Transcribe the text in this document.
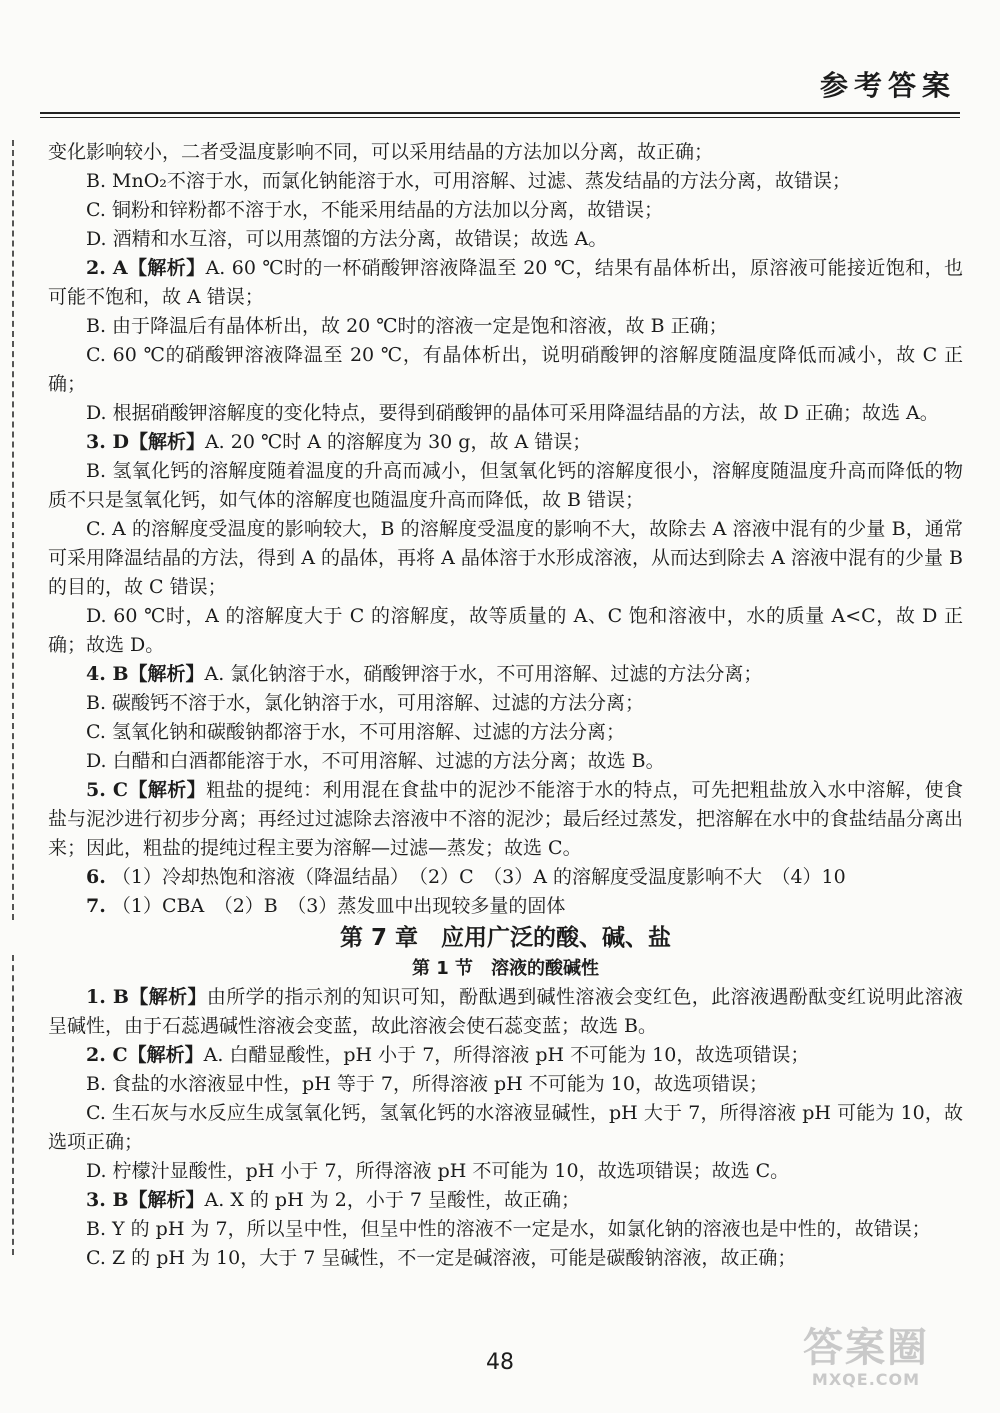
参考答案

变化影响较小，二者受温度影响不同，可以采用结晶的方法加以分离，故正确；

B. MnO₂不溶于水，而氯化钠能溶于水，可用溶解、过滤、蒸发结晶的方法分离，故错误；

C. 铜粉和锌粉都不溶于水，不能采用结晶的方法加以分离，故错误；

D. 酒精和水互溶，可以用蒸馏的方法分离，故错误；故选 A。

2. A【解析】A. 60 ℃时的一杯硝酸钾溶液降温至 20 ℃，结果有晶体析出，原溶液可能接近饱和，也可能不饱和，故 A 错误；

B. 由于降温后有晶体析出，故 20 ℃时的溶液一定是饱和溶液，故 B 正确；

C. 60 ℃的硝酸钾溶液降温至 20 ℃，有晶体析出，说明硝酸钾的溶解度随温度降低而减小，故 C 正确；

D. 根据硝酸钾溶解度的变化特点，要得到硝酸钾的晶体可采用降温结晶的方法，故 D 正确；故选 A。

3. D【解析】A. 20 ℃时 A 的溶解度为 30 g，故 A 错误；

B. 氢氧化钙的溶解度随着温度的升高而减小，但氢氧化钙的溶解度很小，溶解度随温度升高而降低的物质不只是氢氧化钙，如气体的溶解度也随温度升高而降低，故 B 错误；

C. A 的溶解度受温度的影响较大，B 的溶解度受温度的影响不大，故除去 A 溶液中混有的少量 B，通常可采用降温结晶的方法，得到 A 的晶体，再将 A 晶体溶于水形成溶液，从而达到除去 A 溶液中混有的少量 B 的目的，故 C 错误；

D. 60 ℃时，A 的溶解度大于 C 的溶解度，故等质量的 A、C 饱和溶液中，水的质量 A<C，故 D 正确；故选 D。

4. B【解析】A. 氯化钠溶于水，硝酸钾溶于水，不可用溶解、过滤的方法分离；

B. 碳酸钙不溶于水，氯化钠溶于水，可用溶解、过滤的方法分离；

C. 氢氧化钠和碳酸钠都溶于水，不可用溶解、过滤的方法分离；

D. 白醋和白酒都能溶于水，不可用溶解、过滤的方法分离；故选 B。

5. C【解析】粗盐的提纯：利用混在食盐中的泥沙不能溶于水的特点，可先把粗盐放入水中溶解，使食盐与泥沙进行初步分离；再经过过滤除去溶液中不溶的泥沙；最后经过蒸发，把溶解在水中的食盐结晶分离出来；因此，粗盐的提纯过程主要为溶解—过滤—蒸发；故选 C。

6. （1）冷却热饱和溶液（降温结晶）　（2）C　（3）A 的溶解度受温度影响不大　（4）10

7. （1）CBA　（2）B　（3）蒸发皿中出现较多量的固体

第 7 章　应用广泛的酸、碱、盐
第 1 节　溶液的酸碱性

1. B【解析】由所学的指示剂的知识可知，酚酞遇到碱性溶液会变红色，此溶液遇酚酞变红说明此溶液呈碱性，由于石蕊遇碱性溶液会变蓝，故此溶液会使石蕊变蓝；故选 B。

2. C【解析】A. 白醋显酸性，pH 小于 7，所得溶液 pH 不可能为 10，故选项错误；

B. 食盐的水溶液显中性，pH 等于 7，所得溶液 pH 不可能为 10，故选项错误；

C. 生石灰与水反应生成氢氧化钙，氢氧化钙的水溶液显碱性，pH 大于 7，所得溶液 pH 可能为 10，故选项正确；

D. 柠檬汁显酸性，pH 小于 7，所得溶液 pH 不可能为 10，故选项错误；故选 C。

3. B【解析】A. X 的 pH 为 2，小于 7 呈酸性，故正确；

B. Y 的 pH 为 7，所以呈中性，但呈中性的溶液不一定是水，如氯化钠的溶液也是中性的，故错误；

C. Z 的 pH 为 10，大于 7 呈碱性，不一定是碱溶液，可能是碳酸钠溶液，故正确；

48	答案圈
MXQE.COM
